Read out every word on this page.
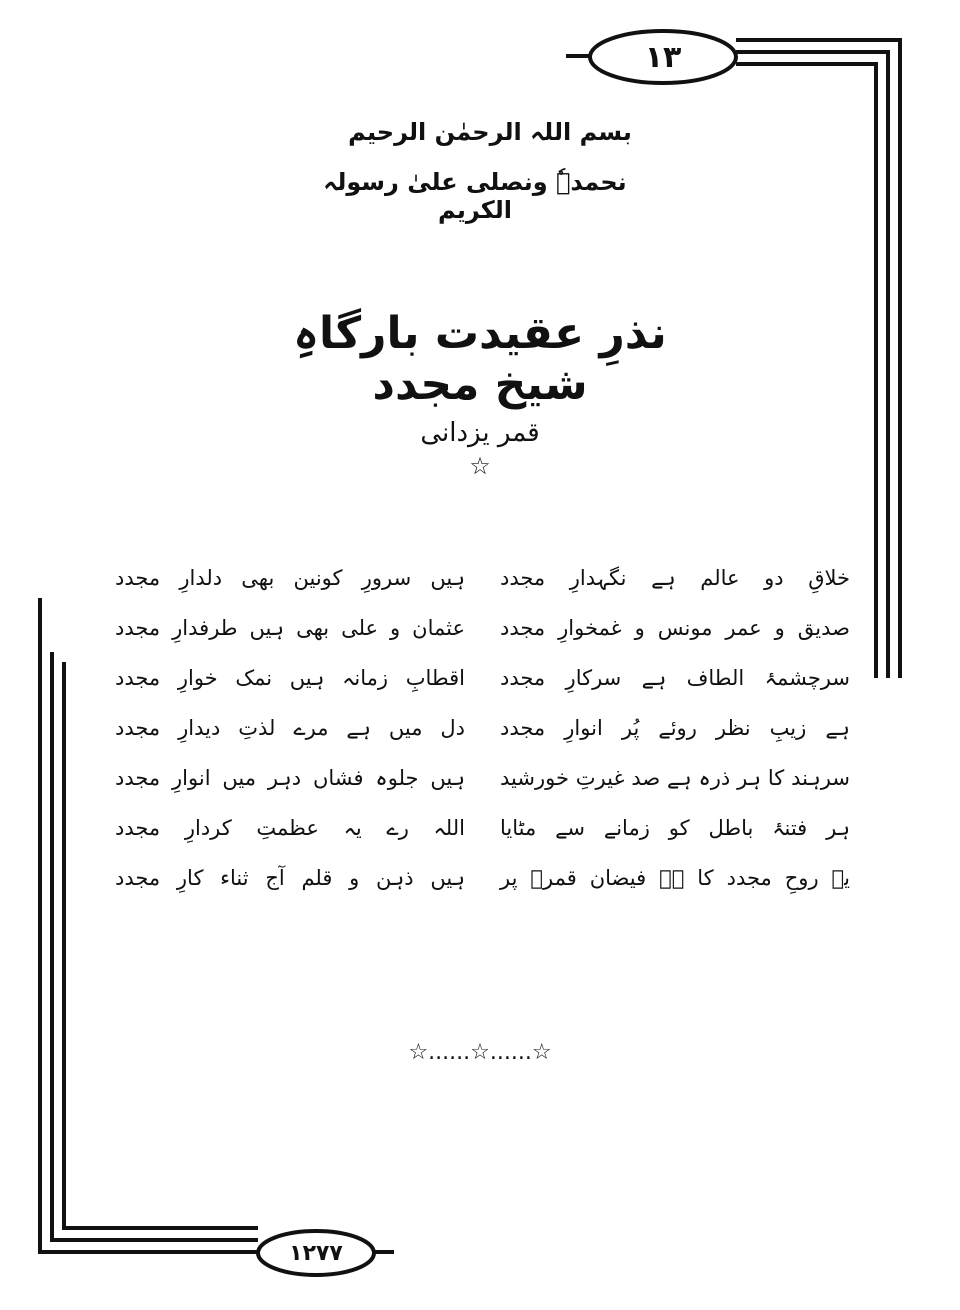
۱۳
۱۲۷۷
بسم اللہ الرحمٰن الرحیم
نحمدہٗ ونصلی علیٰ رسولہ الکریم
نذرِ عقیدت بارگاہِ شیخ مجدد
قمر یزدانی
☆
خلاقِ دو عالم ہے نگہدارِ مجدد
صدیق و عمر مونس و غمخوارِ مجدد
سرچشمۂ الطاف ہے سرکارِ مجدد
ہے زیبِ نظر روئے پُر انوارِ مجدد
سرہند کا ہر ذرہ ہے صد غیرتِ خورشید
ہر فتنۂ باطل کو زمانے سے مٹایا
یہ روحِ مجدد کا ہے فیضان قمرؔ پر
ہیں سرورِ کونین بھی دلدارِ مجدد
عثمان و علی بھی ہیں طرفدارِ مجدد
اقطابِ زمانہ ہیں نمک خوارِ مجدد
دل میں ہے مرے لذتِ دیدارِ مجدد
ہیں جلوہ فشاں دہر میں انوارِ مجدد
اللہ رے یہ عظمتِ کردارِ مجدد
ہیں ذہن و قلم آج ثناء کارِ مجدد
☆......☆......☆
